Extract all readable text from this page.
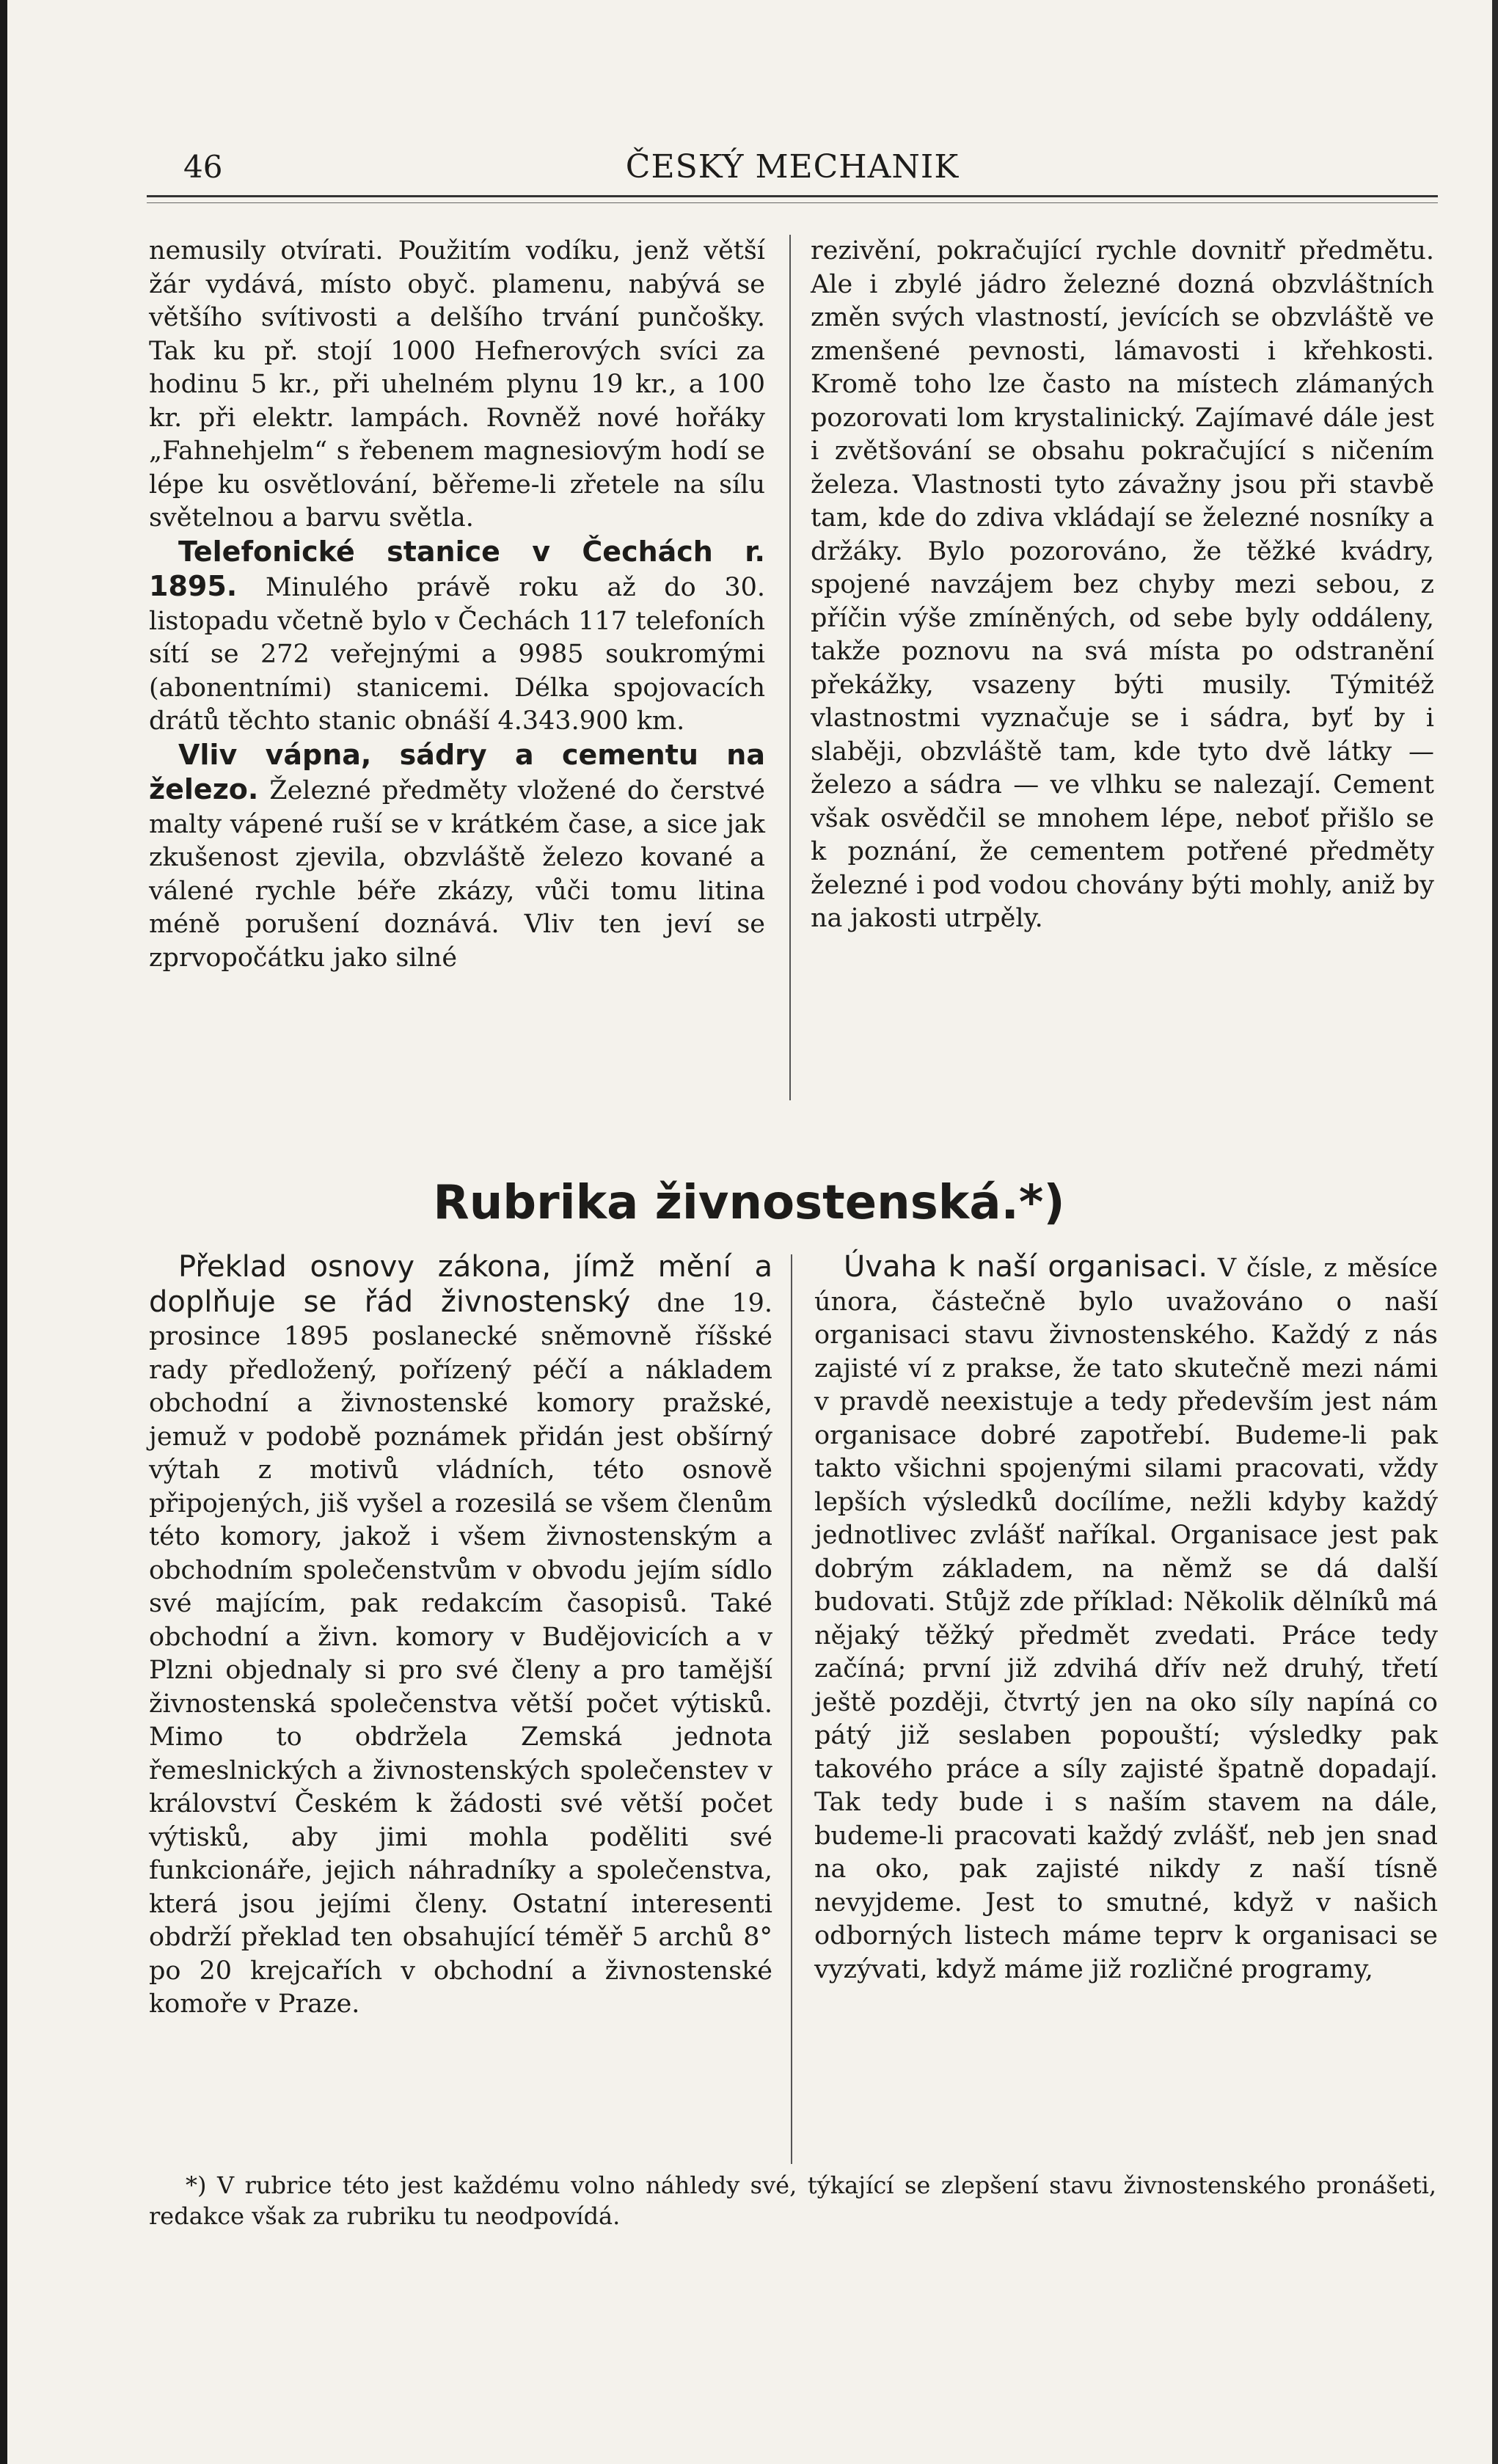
46	ČESKÝ MECHANIK

nemusily otvírati. Použitím vodíku, jenž větší žár vydává, místo obyč. plamenu, nabývá se většího svítivosti a delšího trvání punčošky. Tak ku př. stojí 1000 Hefnerových svíci za hodinu 5 kr., při uhelném plynu 19 kr., a 100 kr. při elektr. lampách. Rovněž nové hořáky „Fahnehjelm“ s řebenem magnesiovým hodí se lépe ku osvětlování, běřeme-li zřetele na sílu světelnou a barvu světla.

Telefonické stanice v Čechách r. 1895. Minulého právě roku až do 30. listopadu včetně bylo v Čechách 117 telefoních sítí se 272 veřejnými a 9985 soukromými (abonentními) stanicemi. Délka spojovacích drátů těchto stanic obnáší 4.343.900 km.

Vliv vápna, sádry a cementu na železo. Železné předměty vložené do čerstvé malty vápené ruší se v krátkém čase, a sice jak zkušenost zjevila, obzvláště železo kované a válené rychle béře zkázy, vůči tomu litina méně porušení doznává. Vliv ten jeví se zprvopočátku jako silné

rezivění, pokračující rychle dovnitř předmětu. Ale i zbylé jádro železné dozná obzvláštních změn svých vlastností, jevících se obzvláště ve zmenšené pevnosti, lámavosti i křehkosti. Kromě toho lze často na místech zlámaných pozorovati lom krystalinický. Zajímavé dále jest i zvětšování se obsahu pokračující s ničením železa. Vlastnosti tyto závažny jsou při stavbě tam, kde do zdiva vkládají se železné nosníky a držáky. Bylo pozorováno, že těžké kvádry, spojené navzájem bez chyby mezi sebou, z příčin výše zmíněných, od sebe byly oddáleny, takže poznovu na svá místa po odstranění překážky, vsazeny býti musily. Týmitéž vlastnostmi vyznačuje se i sádra, byť by i slaběji, obzvláště tam, kde tyto dvě látky — železo a sádra — ve vlhku se nalezají. Cement však osvědčil se mnohem lépe, neboť přišlo se k poznání, že cementem potřené předměty železné i pod vodou chovány býti mohly, aniž by na jakosti utrpěly.

Rubrika živnostenská.*)

Překlad osnovy zákona, jímž mění a doplňuje se řád živnostenský dne 19. prosince 1895 poslanecké sněmovně říšské rady předložený, pořízený péčí a nákladem obchodní a živnostenské komory pražské, jemuž v podobě poznámek přidán jest obšírný výtah z motivů vládních, této osnově připojených, jiš vyšel a rozesilá se všem členům této komory, jakož i všem živnostenským a obchodním společenstvům v obvodu jejím sídlo své majícím, pak redakcím časopisů. Také obchodní a živn. komory v Budějovicích a v Plzni objednaly si pro své členy a pro tamější živnostenská společenstva větší počet výtisků. Mimo to obdržela Zemská jednota řemeslnických a živnostenských společenstev v království Českém k žádosti své větší počet výtisků, aby jimi mohla poděliti své funkcionáře, jejich náhradníky a společenstva, která jsou jejími členy. Ostatní interesenti obdrží překlad ten obsahující téměř 5 archů 8° po 20 krejcařích v obchodní a živnostenské komoře v Praze.

Úvaha k naší organisaci. V čísle, z měsíce února, částečně bylo uvažováno o naší organisaci stavu živnostenského. Každý z nás zajisté ví z prakse, že tato skutečně mezi námi v pravdě neexistuje a tedy především jest nám organisace dobré zapotřebí. Budeme-li pak takto všichni spojenými silami pracovati, vždy lepších výsledků docílíme, nežli kdyby každý jednotlivec zvlášť naříkal. Organisace jest pak dobrým základem, na němž se dá další budovati. Stůjž zde příklad: Několik dělníků má nějaký těžký předmět zvedati. Práce tedy začíná; první již zdvihá dřív než druhý, třetí ještě později, čtvrtý jen na oko síly napíná co pátý již seslaben popouští; výsledky pak takového práce a síly zajisté špatně dopadají. Tak tedy bude i s naším stavem na dále, budeme-li pracovati každý zvlášť, neb jen snad na oko, pak zajisté nikdy z naší tísně nevyjdeme. Jest to smutné, když v našich odborných listech máme teprv k organisaci se vyzývati, když máme již rozličné programy,

*) V rubrice této jest každému volno náhledy své, týkající se zlepšení stavu živnostenského pronášeti, redakce však za rubriku tu neodpovídá.
